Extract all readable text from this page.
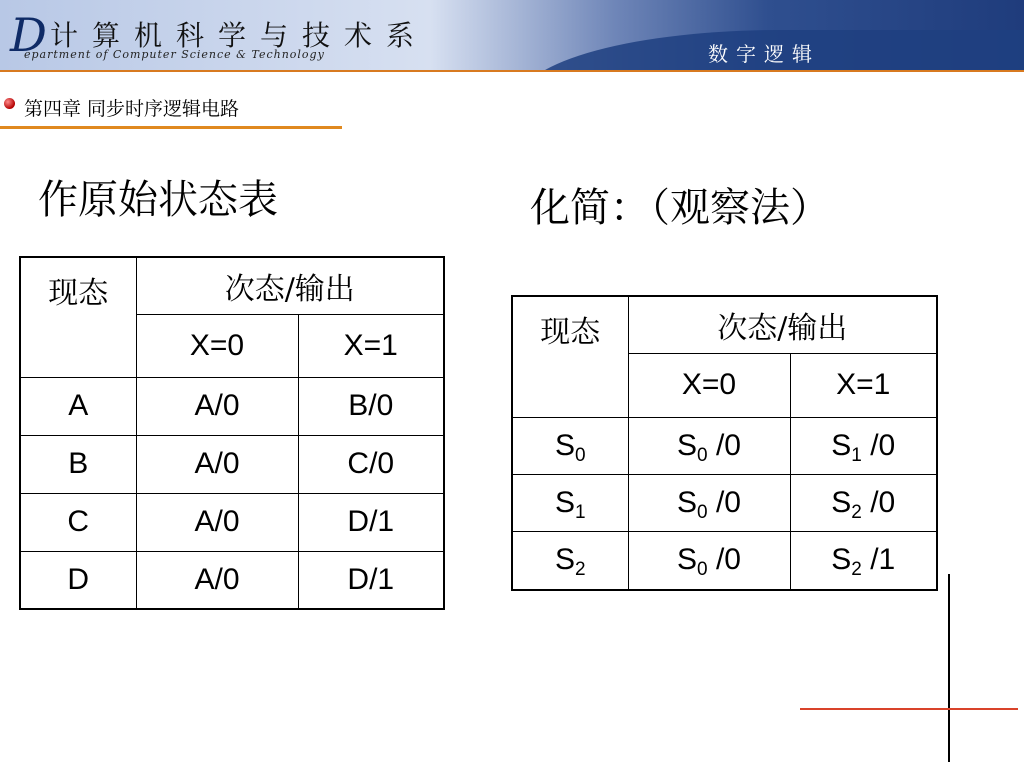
D 计算机科学与技术系
epartment of Computer Science & Technology	数字逻辑
第四章 同步时序逻辑电路
作原始状态表	化简：（观察法）
现态	次态/输出	
	X=0	X=1
A	A/0	B/0
B	A/0	C/0
C	A/0	D/1
D	A/0	D/1
现态	次态/输出	
	X=0	X=1
$S_0$	$S_0$ /0	$S_1$ /0
$S_1$	$S_0$ /0	$S_2$ /0
$S_2$	$S_0$ /0	$S_2$ /1
